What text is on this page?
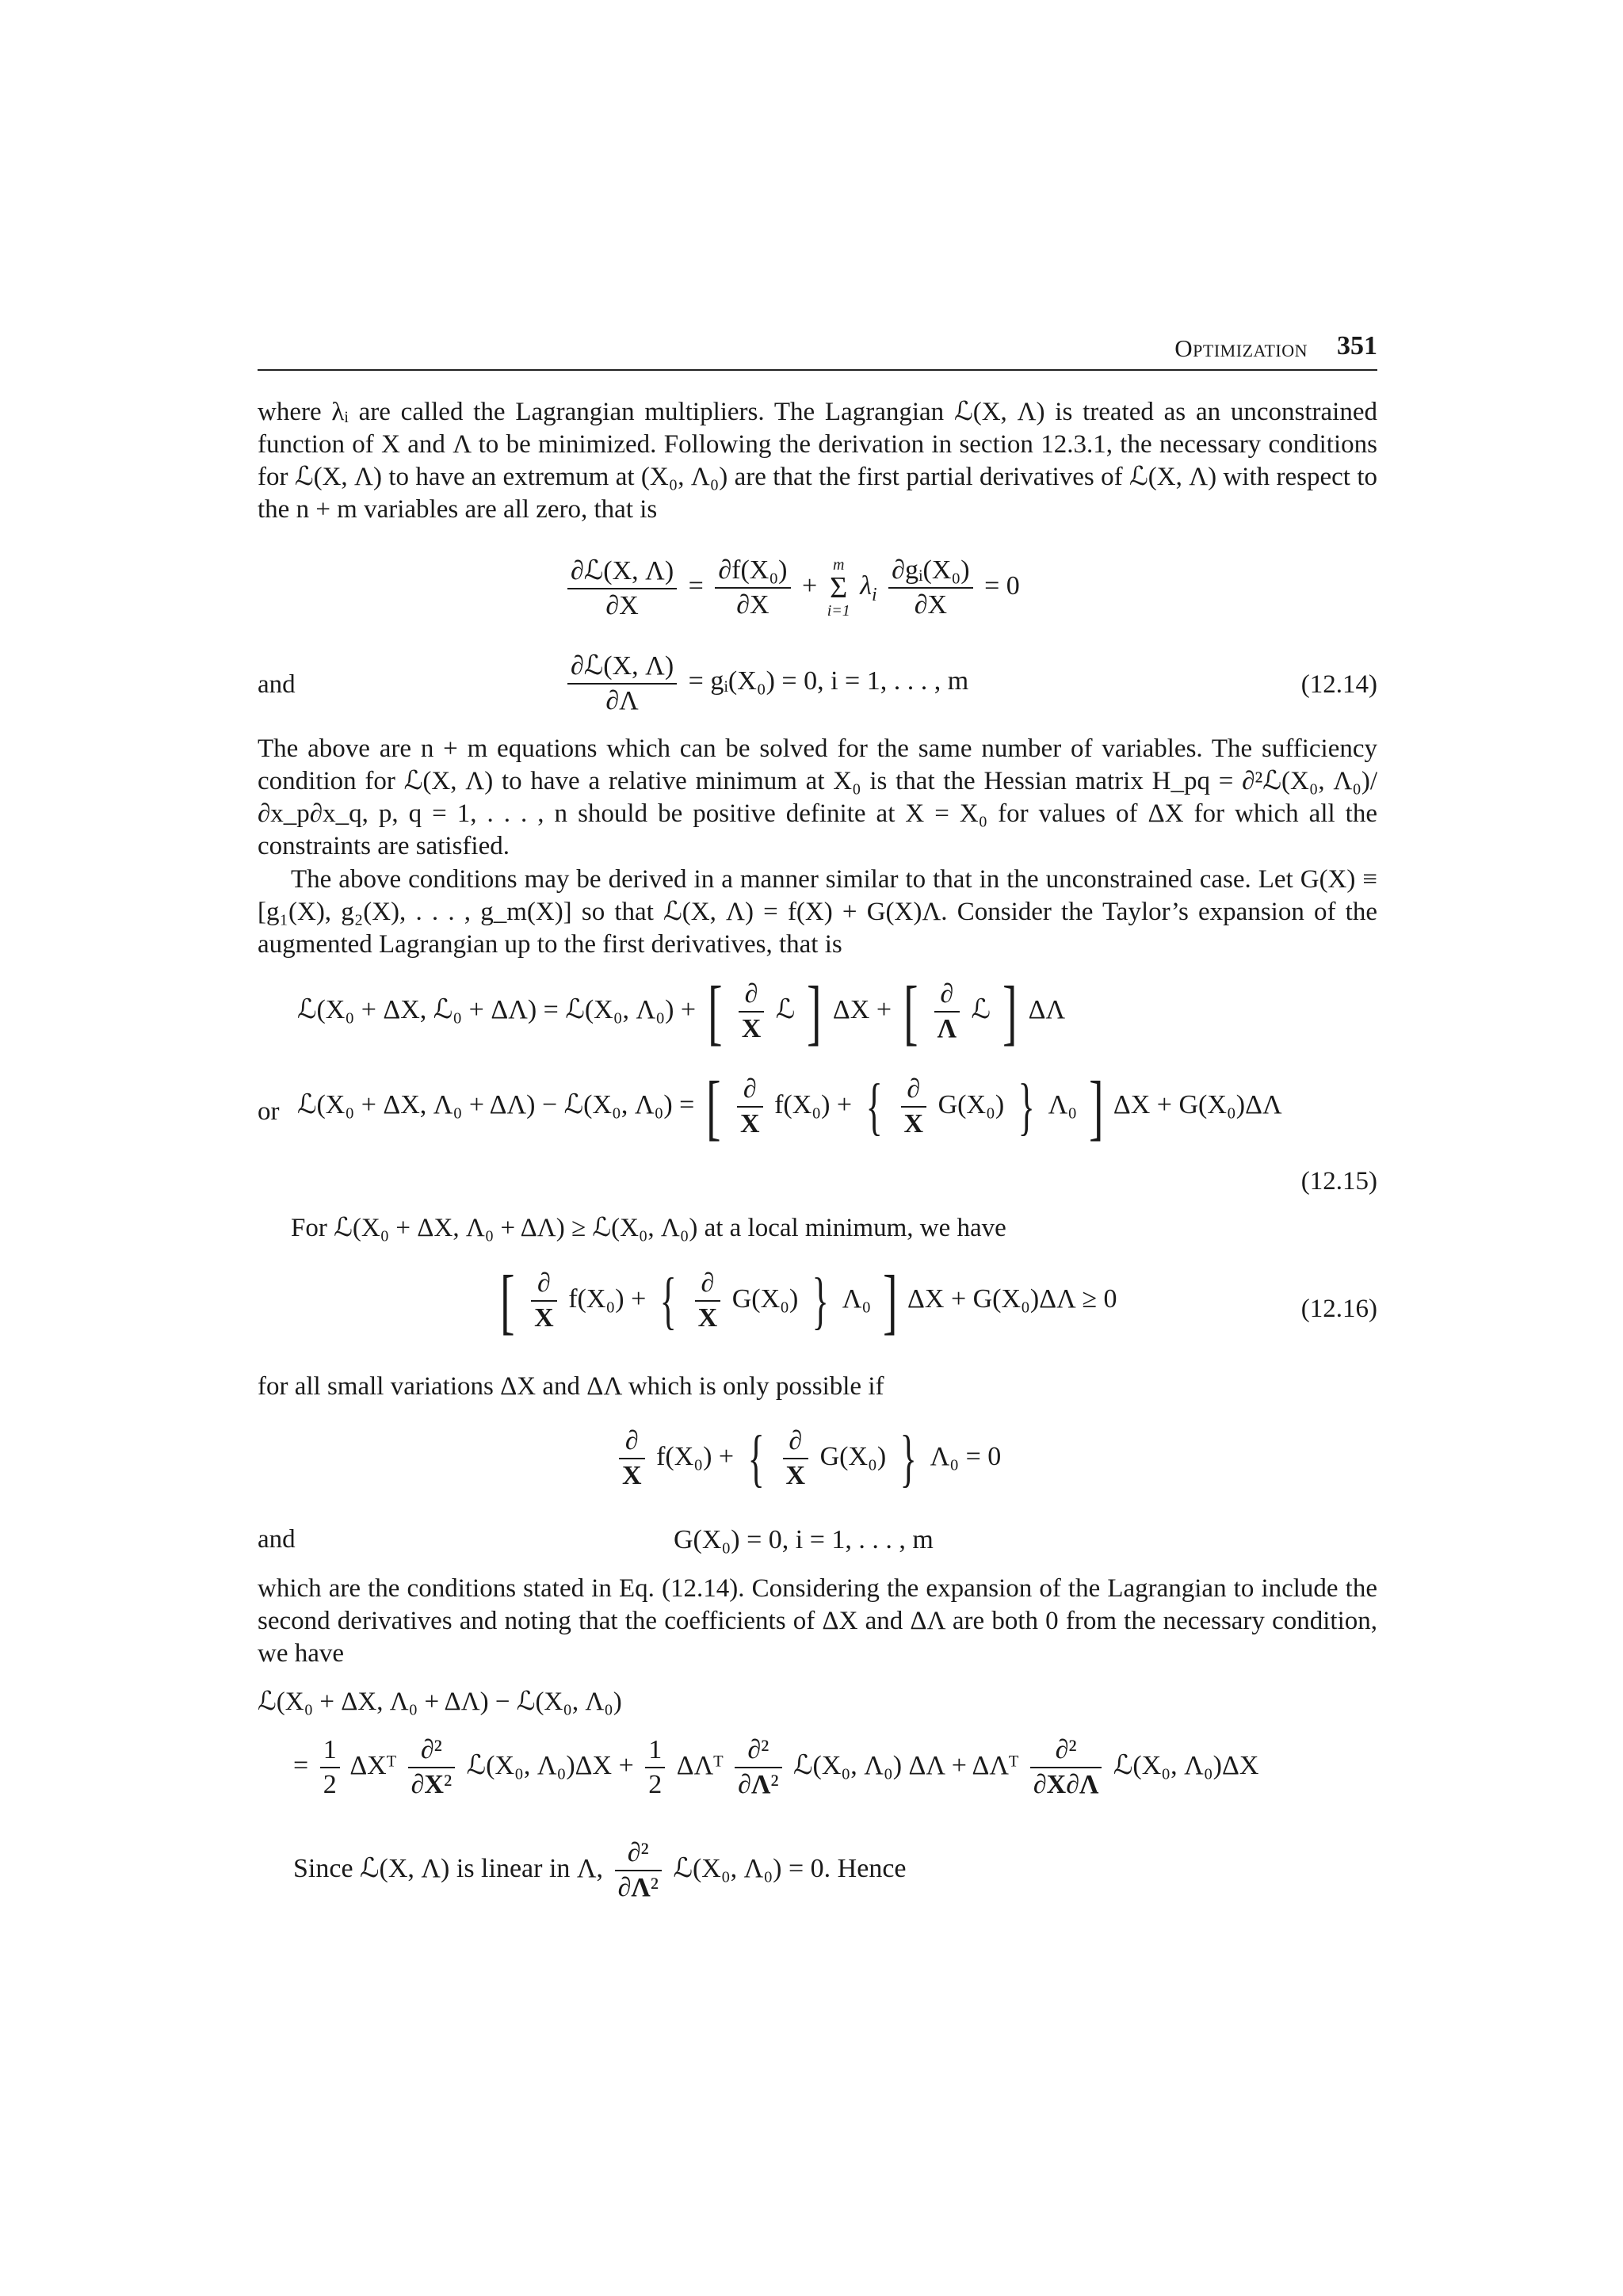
Optimization 351

where λᵢ are called the Lagrangian multipliers. The Lagrangian ℒ(X, Λ) is treated as an unconstrained function of X and Λ to be minimized. Following the derivation in section 12.3.1, the necessary conditions for ℒ(X, Λ) to have an extremum at (X₀, Λ₀) are that the first partial derivatives of ℒ(X, Λ) with respect to the n + m variables are all zero, that is

$\frac{\text{∂ℒ(X, Λ)}}{\partial X} = \frac{\text{∂f(X₀)}}{\partial X}$ +
m
Σ
i=1
$\lambda_i \frac{\text{∂gᵢ(X₀)}}{\partial X} = 0$
and	$\frac{\text{∂ℒ(X, Λ)}}{\partial\Lambda}$ = gᵢ(X₀) = 0, i = 1, . . . , m	(12.14)

The above are n + m equations which can be solved for the same number of variables. The sufficiency condition for ℒ(X, Λ) to have a relative minimum at X₀ is that the Hessian matrix H_pq = ∂²ℒ(X₀, Λ₀)/∂x_p∂x_q, p, q = 1, . . . , n should be positive definite at X = X₀ for values of ΔX for which all the constraints are satisfied.

The above conditions may be derived in a manner similar to that in the unconstrained case. Let G(X) ≡ [g₁(X), g₂(X), . . . , g_m(X)] so that ℒ(X, Λ) = f(X) + G(X)Λ. Consider the Taylor’s expansion of the augmented Lagrangian up to the first derivatives, that is

ℒ(X₀ + ΔX, ℒ₀ + ΔΛ) = ℒ(X₀, Λ₀) + [ $\frac{\partial}{X}$ ℒ ] ΔX + [ $\frac{\partial}{\Lambda}$ ℒ ] ΔΛ
or ℒ(X₀ + ΔX, Λ₀ + ΔΛ) − ℒ(X₀, Λ₀) = [ $\frac{\partial}{X} f(X_0)$ + { $\frac{\partial}{X} G(X_0)$ } Λ₀ ] ΔX + G(X₀)ΔΛ
(12.15)

For ℒ(X₀ + ΔX, Λ₀ + ΔΛ) ≥ ℒ(X₀, Λ₀) at a local minimum, we have

[ $\frac{\partial}{X} f(X_0)$ + { $\frac{\partial}{X} G(X_0)$ } Λ₀ ] ΔX + G(X₀)ΔΛ ≥ 0	(12.16)

for all small variations ΔX and ΔΛ which is only possible if

$\frac{\partial}{X} f(X_0)$ + { $\frac{\partial}{X} G(X_0)$ } Λ₀ = 0
and	G(X₀) = 0, i = 1, . . . , m

which are the conditions stated in Eq. (12.14). Considering the expansion of the Lagrangian to include the second derivatives and noting that the coefficients of ΔX and ΔΛ are both 0 from the necessary condition, we have

ℒ(X₀ + ΔX, Λ₀ + ΔΛ) − ℒ(X₀, Λ₀)

= $\frac{1}{2}$ ΔXᵀ $\frac{\text{∂²}}{\text{∂X²}}$ ℒ(X₀, $\Lambda_0)\Delta X + \frac{1}{2}$ ΔΛᵀ $\frac{\text{∂²}}{\text{∂Λ²}}$ ℒ(X₀, Λ₀) ΔΛ + ΔΛᵀ $\frac{\text{∂²}}{\partial X\partial\Lambda}$ ℒ(X₀, Λ₀)ΔX
Since ℒ(X, Λ) is linear in Λ, $\frac{\text{∂²}}{\text{∂Λ²}}$ ℒ(X₀, Λ₀) = 0. Hence
